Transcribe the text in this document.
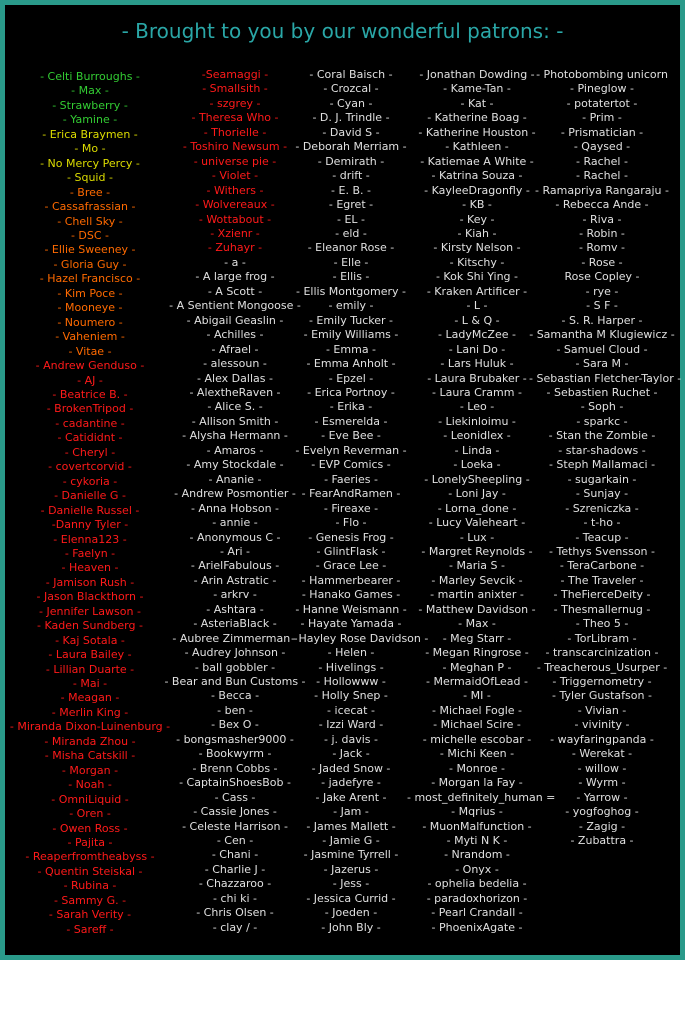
- Brought to you by our wonderful patrons: -
- Celti Burroughs -
- Max -
- Strawberry -
- Yamine -
- Erica Braymen -
- Mo -
- No Mercy Percy -
- Squid -
- Bree -
- Cassafrassian -
- Chell Sky -
- DSC -
- Ellie Sweeney -
- Gloria Guy -
- Hazel Francisco -
- Kim Poce -
- Mooneye -
- Noumero -
- Vaheniem -
- Vitae -
- Andrew Genduso -
- AJ -
- Beatrice B. -
- BrokenTripod -
- cadantine -
- Catididnt -
- Cheryl -
- covertcorvid -
- cykoria -
- Danielle G -
- Danielle Russel -
-Danny Tyler -
- Elenna123 -
- Faelyn -
- Heaven -
- Jamison Rush -
- Jason Blackthorn -
- Jennifer Lawson -
- Kaden Sundberg -
- Kaj Sotala -
- Laura Bailey -
- Lillian Duarte -
- Mai -
- Meagan -
- Merlin King -
- Miranda Dixon-Luinenburg -
- Miranda Zhou -
- Misha Catskill -
- Morgan -
- Noah -
- OmniLiquid -
- Oren -
- Owen Ross -
- Pajita -
- Reaperfromtheabyss -
- Quentin Steiskal -
- Rubina -
- Sammy G. -
- Sarah Verity -
- Sareff -
-Seamaggi -
- Smallsith -
- szgrey -
- Theresa Who -
- Thorielle -
- Toshiro Newsum -
- universe pie -
- Violet -
- Withers -
- Wolvereaux -
- Wottabout -
- Xzienr -
- Zuhayr -
- a -
- A large frog -
- A Scott -
- A Sentient Mongoose -
- Abigail Geaslin -
- Achilles -
- Afrael -
- alessoun -
- Alex Dallas -
- AlextheRaven -
- Alice S. -
- Allison Smith -
- Alysha Hermann -
- Amaros -
- Amy Stockdale -
- Ananie -
- Andrew Posmontier -
- Anna Hobson -
- annie -
- Anonymous C -
- Ari -
- ArielFabulous -
- Arin Astratic -
- arkrv -
- Ashtara -
- AsteriaBlack -
- Aubree Zimmerman -
- Audrey Johnson -
- ball gobbler -
- Bear and Bun Customs -
- Becca -
- ben -
- Bex O -
- bongsmasher9000 -
- Bookwyrm -
- Brenn Cobbs -
- CaptainShoesBob -
- Cass -
- Cassie Jones -
- Celeste Harrison -
- Cen -
- Chani -
- Charlie J -
- Chazzaroo -
- chi ki -
- Chris Olsen -
- clay / -
- Coral Baisch -
- Crozcal -
- Cyan -
- D. J. Trindle -
- David S -
- Deborah Merriam -
- Demirath -
- drift -
- E. B. -
- Egret -
- EL -
- eld -
- Eleanor Rose -
- Elle -
- Ellis -
- Ellis Montgomery -
- emily -
- Emily Tucker -
- Emily Williams -
- Emma -
- Emma Anholt -
- Epzel -
- Erica Portnoy -
- Erika -
- Esmerelda -
- Eve Bee -
- Evelyn Reverman -
- EVP Comics -
- Faeries -
- FearAndRamen -
- Fireaxe -
- Flo -
- Genesis Frog -
- GlintFlask -
- Grace Lee -
- Hammerbearer -
- Hanako Games -
- Hanne Weismann -
- Hayate Yamada -
- Hayley Rose Davidson -
- Helen -
- Hivelings -
- Hollowww -
- Holly Snep -
- icecat -
- Izzi Ward -
- j. davis -
- Jack -
- Jaded Snow -
- jadefyre -
- Jake Arent -
- Jam -
- James Mallett -
- Jamie G -
- Jasmine Tyrrell -
- Jazerus -
- Jess -
- Jessica Currid -
- Joeden -
- John Bly -
- Jonathan Dowding -
- Kame-Tan -
- Kat -
- Katherine Boag -
- Katherine Houston -
- Kathleen -
- Katiemae A White -
- Katrina Souza -
- KayleeDragonfly -
- KB -
- Key -
- Kiah -
- Kirsty Nelson -
- Kitschy -
- Kok Shi Ying -
- Kraken Artificer -
- L -
- L & Q -
- LadyMcZee -
- Lani Do -
- Lars Huluk -
- Laura Brubaker -
- Laura Cramm -
- Leo -
- Liekinloimu -
- Leonidlex -
- Linda -
- Loeka -
- LonelySheepling -
- Loni Jay -
- Lorna_done -
- Lucy Valeheart -
- Lux -
- Margret Reynolds -
- Maria S -
- Marley Sevcik -
- martin anixter -
- Matthew Davidson -
- Max -
- Meg Starr -
- Megan Ringrose -
- Meghan P -
- MermaidOfLead -
- MI -
- Michael Fogle -
- Michael Scire -
- michelle escobar -
- Michi Keen -
- Monroe -
- Morgan la Fay -
- most_definitely_human =
- Mqrius -
- MuonMalfunction -
- Myti N K -
- Nrandom -
- Onyx -
- ophelia bedelia -
- paradoxhorizon -
- Pearl Crandall -
- PhoenixAgate -
- Photobombing unicorn
- Pineglow -
- potatertot -
- Prim -
- Prismatician -
- Qaysed -
- Rachel -
- Rachel -
- Ramapriya Rangaraju -
- Rebecca Ande -
- Riva -
- Robin -
- Romv -
- Rose -
Rose Copley -
- rye -
- S F -
- S. R. Harper -
- Samantha M Klugiewicz -
- Samuel Cloud -
- Sara M -
- Sebastian Fletcher-Taylor -
- Sebastien Ruchet -
- Soph -
- sparkc -
- Stan the Zombie -
- star-shadows -
- Steph Mallamaci -
- sugarkain -
- Sunjay -
- Szreniczka -
- t-ho -
- Teacup -
- Tethys Svensson -
- TeraCarbone -
- The Traveler -
- TheFierceDeity -
- Thesmallernug -
- Theo 5 -
- TorLibram -
- transcarcinization -
- Treacherous_Usurper -
- Triggernometry -
- Tyler Gustafson -
- Vivian -
- vivinity -
- wayfaringpanda -
- Werekat -
- willow -
- Wyrm -
- Yarrow -
- yogfoghog -
- Zagig -
- Zubattra -
